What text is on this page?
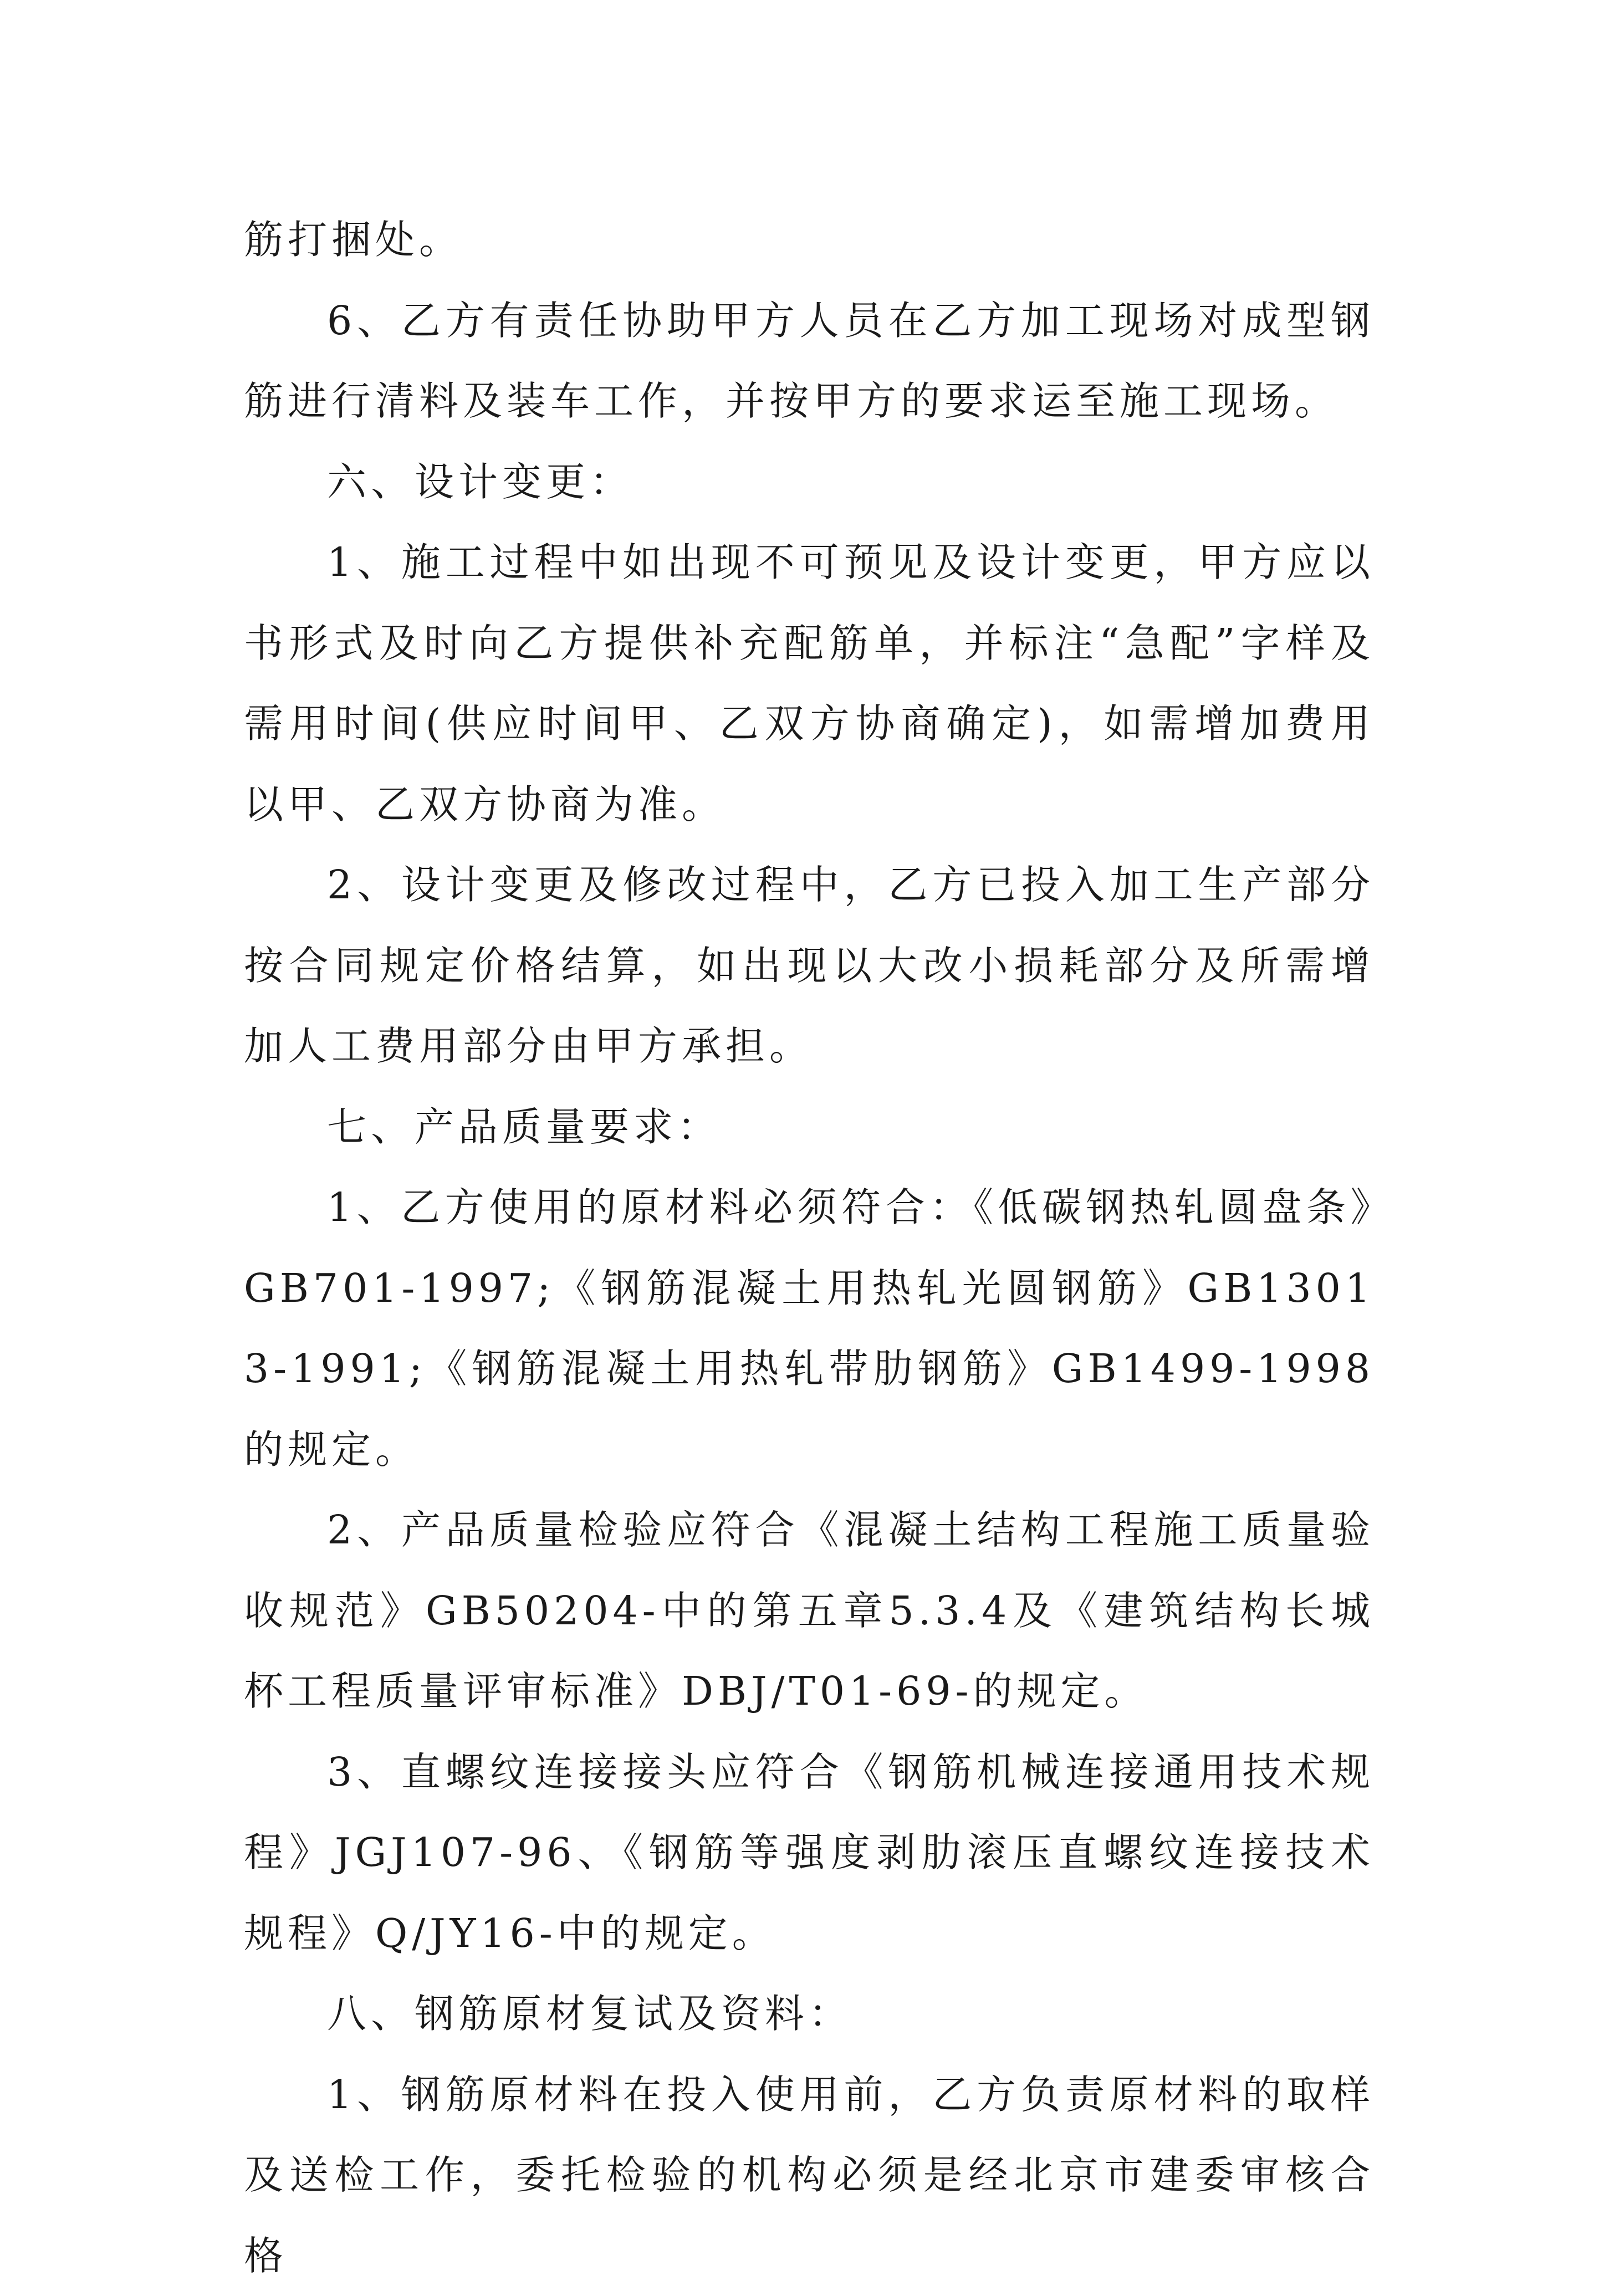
筋打捆处。

6、乙方有责任协助甲方人员在乙方加工现场对成型钢筋进行清料及装车工作，并按甲方的要求运至施工现场。

六、设计变更：

1、施工过程中如出现不可预见及设计变更，甲方应以书形式及时向乙方提供补充配筋单，并标注“急配”字样及需用时间(供应时间甲、乙双方协商确定)，如需增加费用以甲、乙双方协商为准。

2、设计变更及修改过程中，乙方已投入加工生产部分按合同规定价格结算，如出现以大改小损耗部分及所需增加人工费用部分由甲方承担。

七、产品质量要求：

1、乙方使用的原材料必须符合：《低碳钢热轧圆盘条》GB701-1997;《钢筋混凝土用热轧光圆钢筋》GB13013-1991;《钢筋混凝土用热轧带肋钢筋》GB1499-1998的规定。

2、产品质量检验应符合《混凝土结构工程施工质量验收规范》GB50204-中的第五章5.3.4及《建筑结构长城杯工程质量评审标准》DBJ/T01-69-的规定。

3、直螺纹连接接头应符合《钢筋机械连接通用技术规程》JGJ107-96、《钢筋等强度剥肋滚压直螺纹连接技术规程》Q/JY16-中的规定。

八、钢筋原材复试及资料：

1、钢筋原材料在投入使用前，乙方负责原材料的取样及送检工作，委托检验的机构必须是经北京市建委审核合格
